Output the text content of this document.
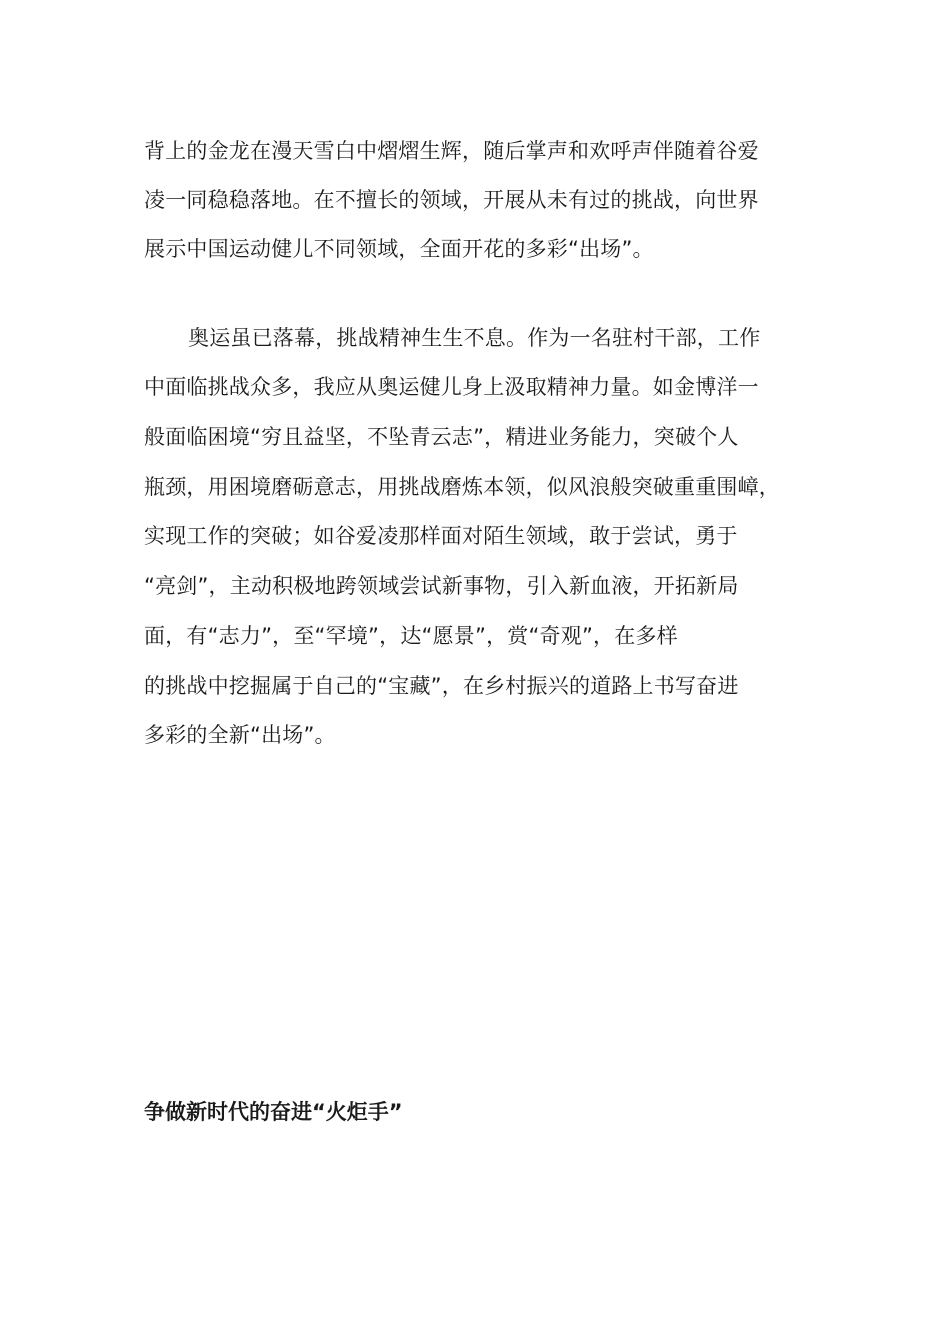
背上的金龙在漫天雪白中熠熠生辉，随后掌声和欢呼声伴随着谷爱
凌一同稳稳落地。在不擅长的领域，开展从未有过的挑战，向世界
展示中国运动健儿不同领域，全面开花的多彩“出场”。
奥运虽已落幕，挑战精神生生不息。作为一名驻村干部，工作
中面临挑战众多，我应从奥运健儿身上汲取精神力量。如金博洋一
般面临困境“穷且益坚，不坠青云志”，精进业务能力，突破个人
瓶颈，用困境磨砺意志，用挑战磨炼本领，似风浪般突破重重围嶂，
实现工作的突破；如谷爱凌那样面对陌生领域，敢于尝试，勇于
“亮剑”，主动积极地跨领域尝试新事物，引入新血液，开拓新局
面，有“志力”，至“罕境”，达“愿景”，赏“奇观”，在多样
的挑战中挖掘属于自己的“宝藏”，在乡村振兴的道路上书写奋进
多彩的全新“出场”。
争做新时代的奋进“火炬手”
